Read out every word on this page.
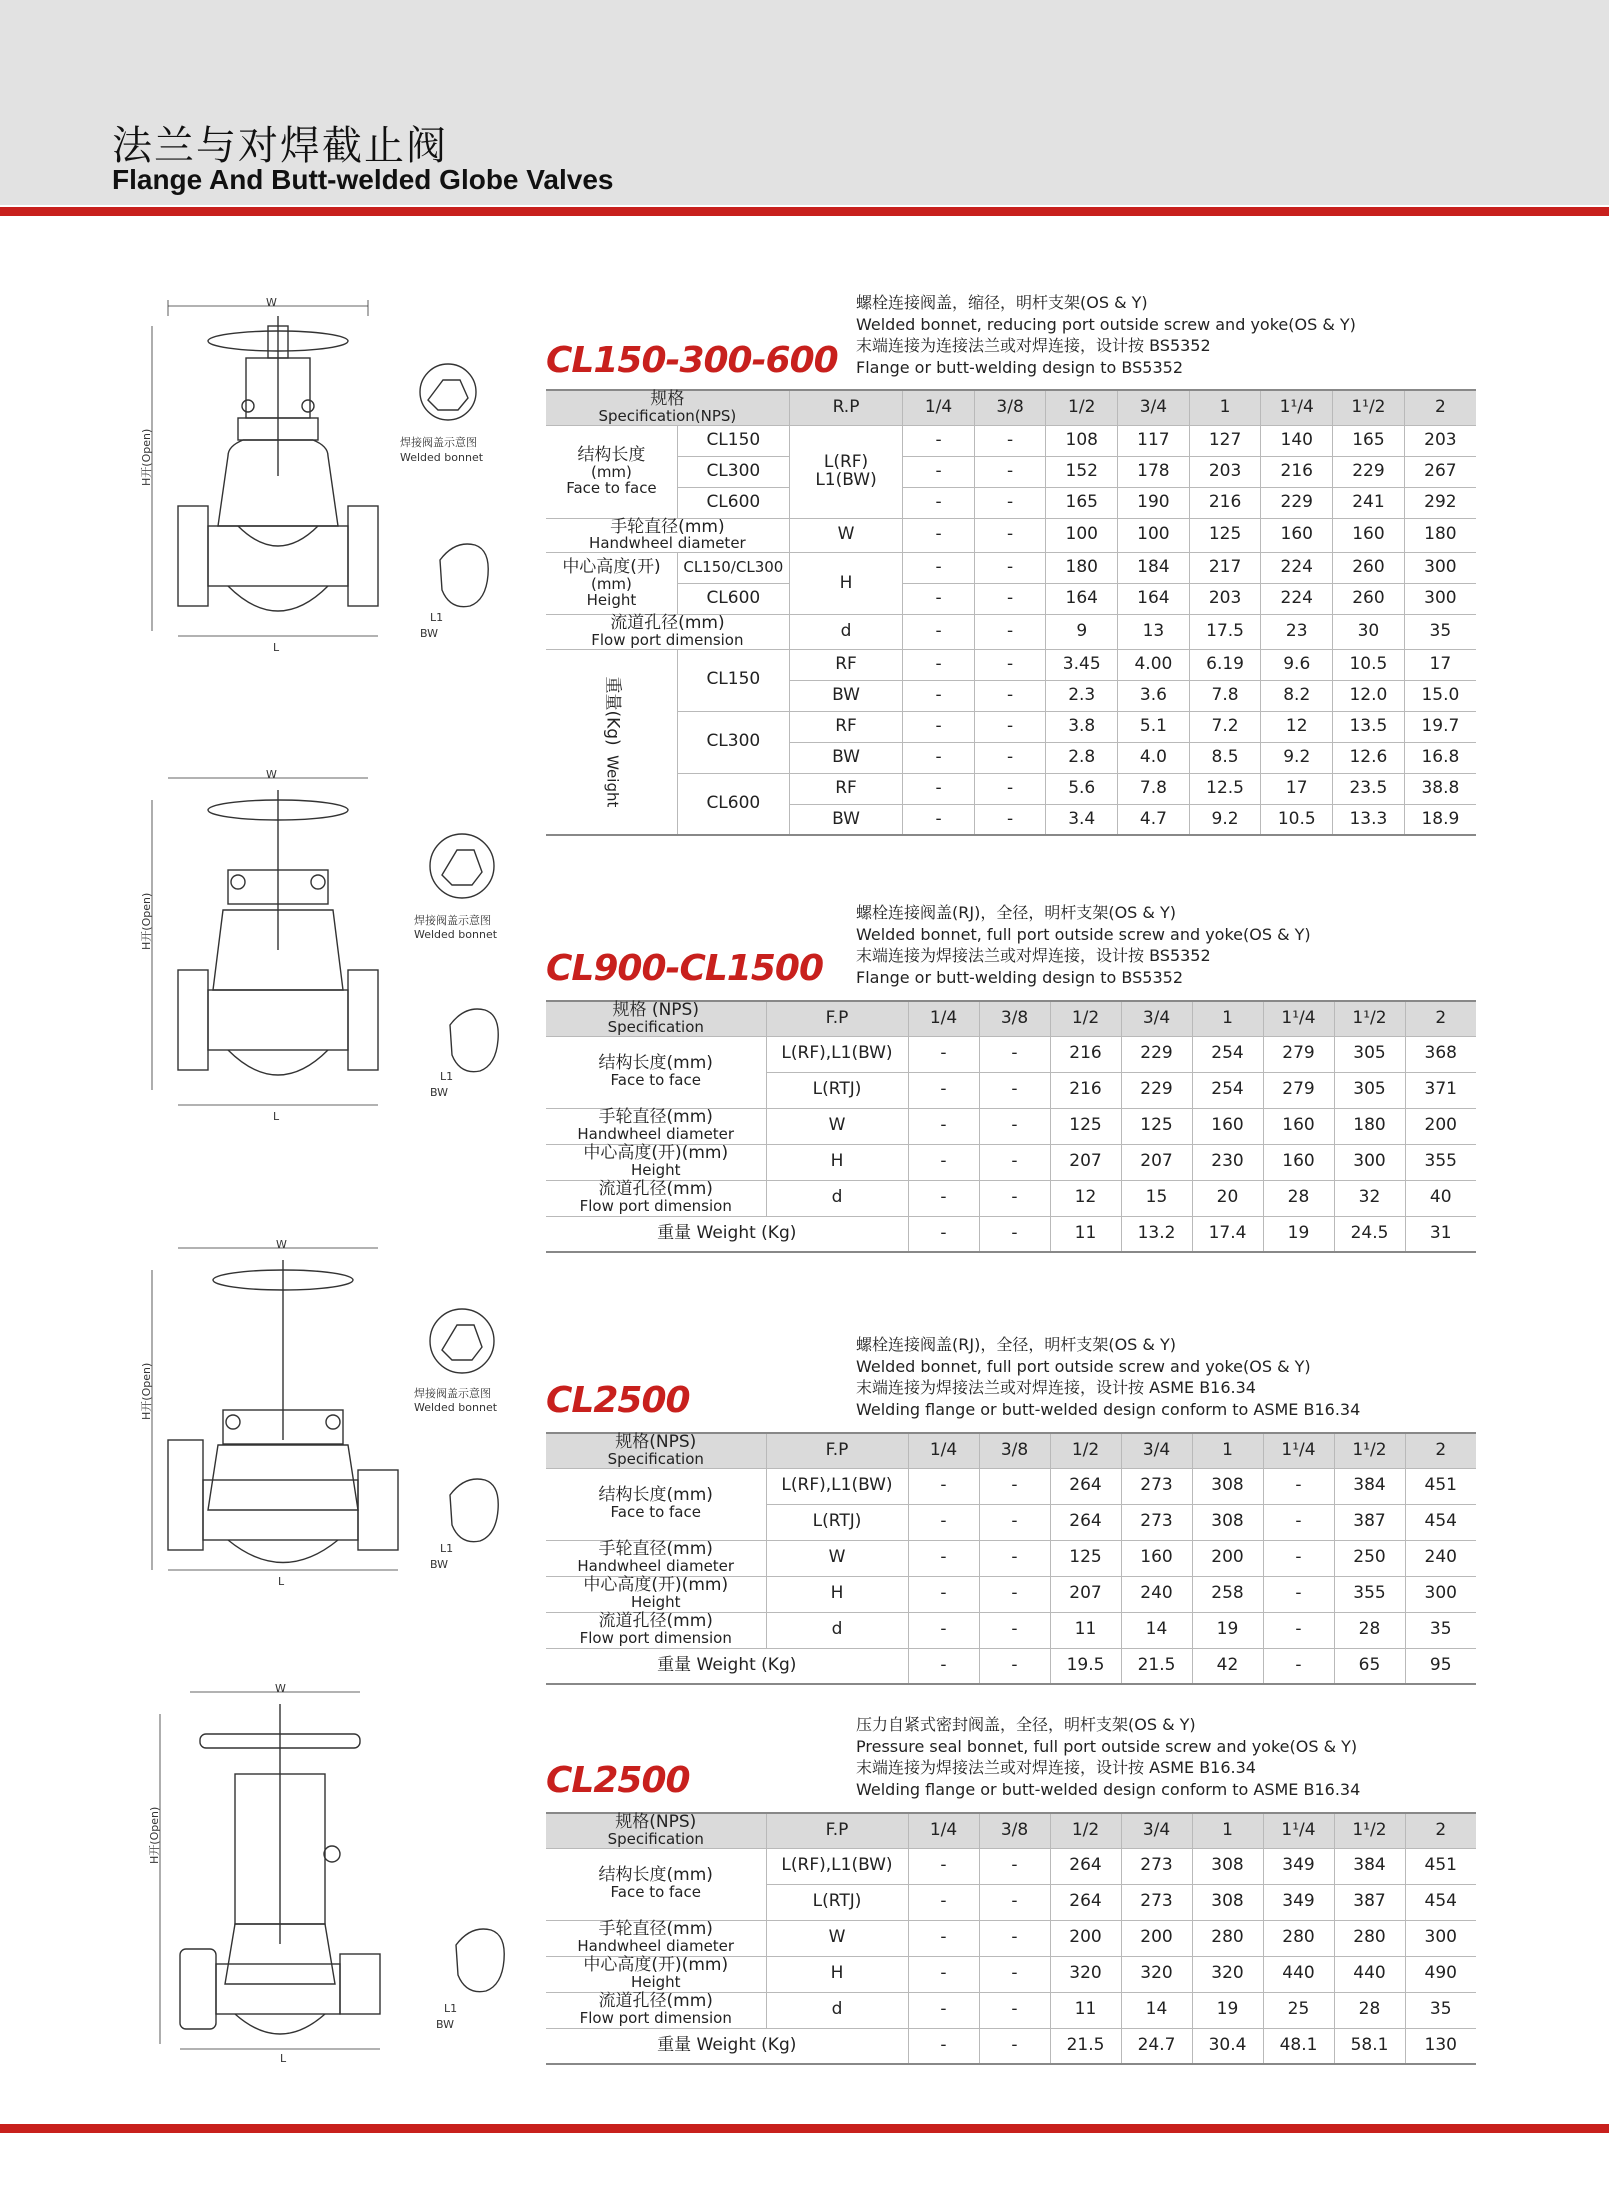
法兰与对焊截止阀
Flange And Butt-welded Globe Valves
W
H开(Open)
L
焊接阀盖示意图
Welded bonnet
L1
BW
CL150-300-600
螺栓连接阀盖，缩径，明杆支架(OS & Y)
Welded bonnet, reducing port outside screw and yoke(OS & Y)
末端连接为连接法兰或对焊连接，设计按 BS5352
Flange or butt-welding design to BS5352
规格
Specification(NPS)		R.P	1/4	3/8	1/2	3/4	1	1¹/4	1¹/2	2

结构长度
(mm)
Face to face	CL150	L(RF)
L1(BW)	-	-	108	117	127	140	165	203
	CL300		-	-	152	178	203	216	229	267
	CL600		-	-	165	190	216	229	241	292

手轮直径(mm)
Handwheel diameter		W	-	-	100	100	125	160	160	180

中心高度(开)
(mm)
Height	CL150/CL300	H	-	-	180	184	217	224	260	300
	CL600		-	-	164	164	203	224	260	300

流道孔径(mm)
Flow port dimension		d	-	-	9	13	17.5	23	30	35
重量(Kg) Weight	CL150	RF	-	-	3.45	4.00	6.19	9.6	10.5	17
		BW	-	-	2.3	3.6	7.8	8.2	12.0	15.0
	CL300	RF	-	-	3.8	5.1	7.2	12	13.5	19.7
		BW	-	-	2.8	4.0	8.5	9.2	12.6	16.8
	CL600	RF	-	-	5.6	7.8	12.5	17	23.5	38.8
		BW	-	-	3.4	4.7	9.2	10.5	13.3	18.9
W
H开(Open)
L
焊接阀盖示意图
Welded bonnet
L1
BW
CL900-CL1500
螺栓连接阀盖(RJ)，全径，明杆支架(OS & Y)
Welded bonnet, full port outside screw and yoke(OS & Y)
末端连接为焊接法兰或对焊连接，设计按 BS5352
Flange or butt-welding design to BS5352
规格 (NPS)
Specification	F.P	1/4	3/8	1/2	3/4	1	1¹/4	1¹/2	2

结构长度(mm)
Face to face	L(RF),L1(BW)	-	-	216	229	254	279	305	368
	L(RTJ)	-	-	216	229	254	279	305	371

手轮直径(mm)
Handwheel diameter	W	-	-	125	125	160	160	180	200

中心高度(开)(mm)
Height	H	-	-	207	207	230	160	300	355

流道孔径(mm)
Flow port dimension	d	-	-	12	15	20	28	32	40
重量 Weight (Kg)		-	-	11	13.2	17.4	19	24.5	31
W
H开(Open)
L
焊接阀盖示意图
Welded bonnet
L1
BW
CL2500
螺栓连接阀盖(RJ)，全径，明杆支架(OS & Y)
Welded bonnet, full port outside screw and yoke(OS & Y)
末端连接为焊接法兰或对焊连接，设计按 ASME B16.34
Welding flange or butt-welded design conform to ASME B16.34
规格(NPS)
Specification	F.P	1/4	3/8	1/2	3/4	1	1¹/4	1¹/2	2

结构长度(mm)
Face to face	L(RF),L1(BW)	-	-	264	273	308	-	384	451
	L(RTJ)	-	-	264	273	308	-	387	454

手轮直径(mm)
Handwheel diameter	W	-	-	125	160	200	-	250	240

中心高度(开)(mm)
Height	H	-	-	207	240	258	-	355	300

流道孔径(mm)
Flow port dimension	d	-	-	11	14	19	-	28	35
重量 Weight (Kg)		-	-	19.5	21.5	42	-	65	95
W
H开(Open)
L
L1
BW
CL2500
压力自紧式密封阀盖，全径，明杆支架(OS & Y)
Pressure seal bonnet, full port outside screw and yoke(OS & Y)
末端连接为焊接法兰或对焊连接，设计按 ASME B16.34
Welding flange or butt-welded design conform to ASME B16.34
规格(NPS)
Specification	F.P	1/4	3/8	1/2	3/4	1	1¹/4	1¹/2	2

结构长度(mm)
Face to face	L(RF),L1(BW)	-	-	264	273	308	349	384	451
	L(RTJ)	-	-	264	273	308	349	387	454

手轮直径(mm)
Handwheel diameter	W	-	-	200	200	280	280	280	300

中心高度(开)(mm)
Height	H	-	-	320	320	320	440	440	490

流道孔径(mm)
Flow port dimension	d	-	-	11	14	19	25	28	35
重量 Weight (Kg)		-	-	21.5	24.7	30.4	48.1	58.1	130
